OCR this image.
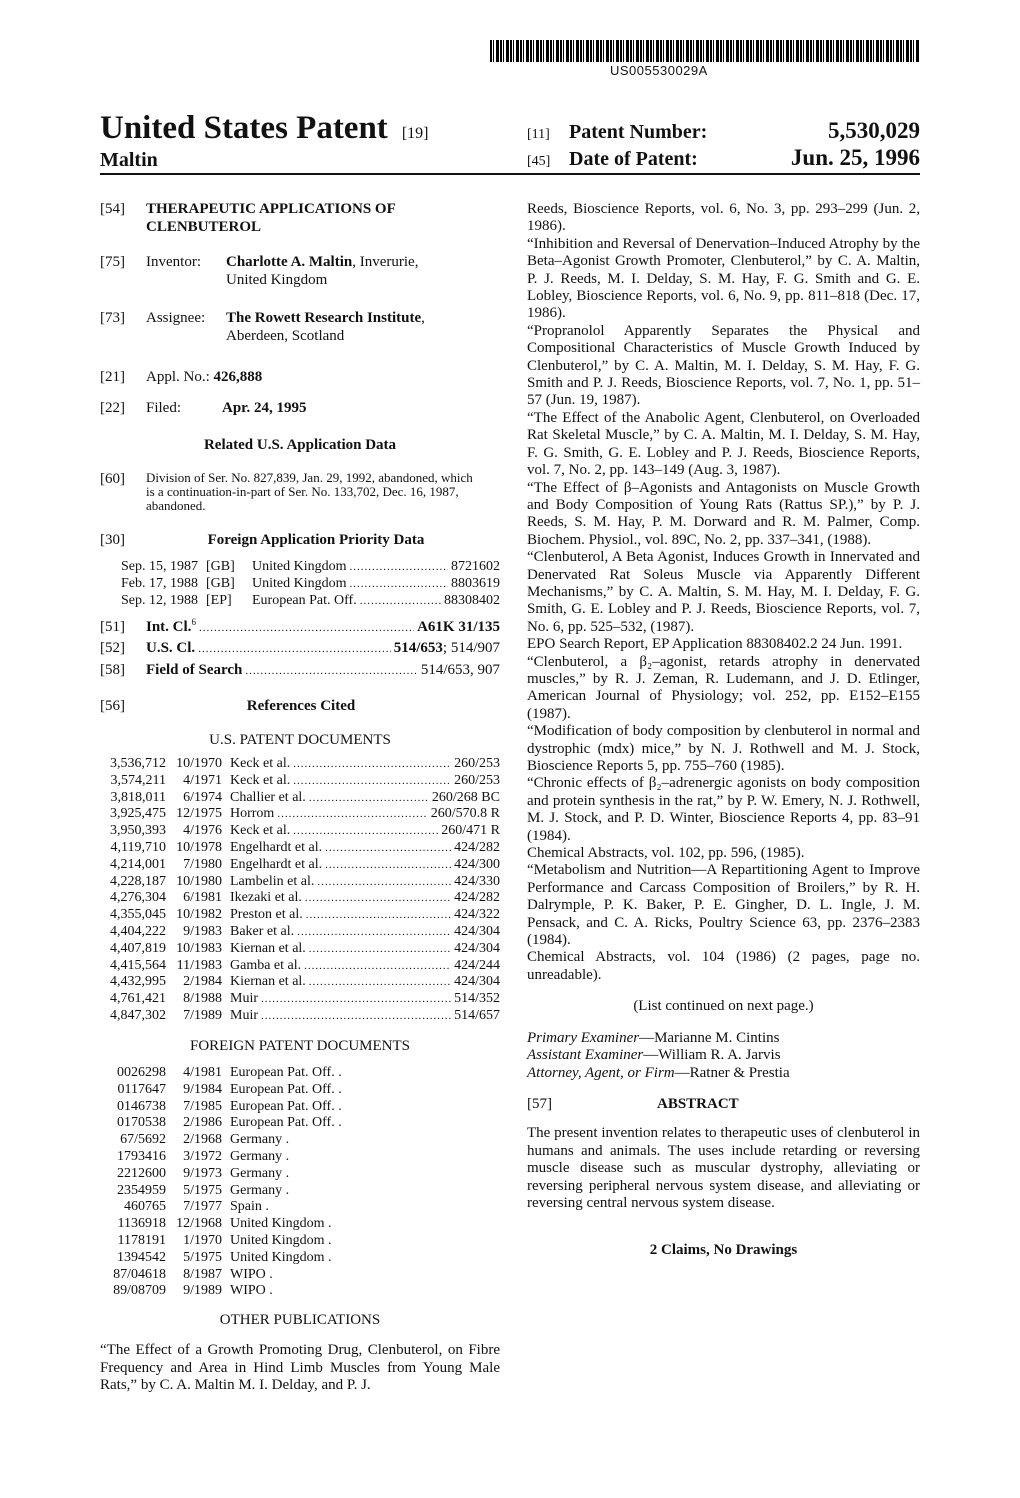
US005530029A
United States Patent [19]
Maltin
[11] Patent Number:	5,530,029
[45] Date of Patent:	Jun. 25, 1996
[54]	THERAPEUTIC APPLICATIONS OF CLENBUTEROL
[75]	Inventor:	Charlotte A. Maltin, Inverurie, United Kingdom
[73]	Assignee:	The Rowett Research Institute, Aberdeen, Scotland
[21]	Appl. No.:
426,888
[22]	Filed:	Apr. 24, 1995
Related U.S. Application Data
[60]	Division of Ser. No. 827,839, Jan. 29, 1992, abandoned, which is a continuation-in-part of Ser. No. 133,702, Dec. 16, 1987, abandoned.
[30]	Foreign Application Priority Data
Sep. 15, 1987 [GB]	United Kingdom .....	8721602
Feb. 17, 1988 [GB]	United Kingdom .....	8803619
Sep. 12, 1988 [EP]	European Pat. Off. .....	88308402
[51]	Int. Cl.$^6$ .....	A61K 31/135
[52]	U.S. Cl. .....	514/653 ; 514/907
[58]	Field of Search .....	514/653, 907
[56]	References Cited
U.S. PATENT DOCUMENTS
3,536,712 10/1970 Keck et al. .....	260/253
3,574,211	4/1971 Keck et al. .....	260/253
3,818,011	6/1974 Challier et al. .....	260/268 BC
3,925,475 12/1975 Horrom .....	260/570.8 R
3,950,393	4/1976 Keck et al. .....	260/471 R
4,119,710 10/1978 Engelhardt et al. .....	424/282
4,214,001	7/1980 Engelhardt et al. .....	424/300
4,228,187 10/1980 Lambelin et al. .....	424/330
4,276,304	6/1981 Ikezaki et al. .....	424/282
4,355,045 10/1982 Preston et al. .....	424/322
4,404,222	9/1983 Baker et al. .....	424/304
4,407,819 10/1983 Kiernan et al. .....	424/304
4,415,564 11/1983 Gamba et al. .....	424/244
4,432,995	2/1984 Kiernan et al. .....	424/304
4,761,421	8/1988 Muir .....	514/352
4,847,302	7/1989 Muir .....	514/657
FOREIGN PATENT DOCUMENTS
0026298	4/1981 European Pat. Off. .
0117647	9/1984 European Pat. Off. .
0146738	7/1985 European Pat. Off. .
0170538	2/1986 European Pat. Off. .
67/5692	2/1968 Germany .
1793416	3/1972 Germany .
2212600	9/1973 Germany .
2354959	5/1975 Germany .
460765	7/1977 Spain .
1136918 12/1968 United Kingdom .
1178191	1/1970 United Kingdom .
1394542	5/1975 United Kingdom .
87/04618	8/1987 WIPO .
89/08709	9/1989 WIPO .
OTHER PUBLICATIONS
“The Effect of a Growth Promoting Drug, Clenbuterol, on Fibre Frequency and Area in Hind Limb Muscles from Young Male Rats,” by C. A. Maltin M. I. Delday, and P. J.

Reeds, Bioscience Reports, vol. 6, No. 3, pp. 293–299 (Jun. 2, 1986).

“Inhibition and Reversal of Denervation–Induced Atrophy by the Beta–Agonist Growth Promoter, Clenbuterol,” by C. A. Maltin, P. J. Reeds, M. I. Delday, S. M. Hay, F. G. Smith and G. E. Lobley, Bioscience Reports, vol. 6, No. 9, pp. 811–818 (Dec. 17, 1986).

“Propranolol Apparently Separates the Physical and Compositional Characteristics of Muscle Growth Induced by Clenbuterol,” by C. A. Maltin, M. I. Delday, S. M. Hay, F. G. Smith and P. J. Reeds, Bioscience Reports, vol. 7, No. 1, pp. 51–57 (Jun. 19, 1987).

“The Effect of the Anabolic Agent, Clenbuterol, on Overloaded Rat Skeletal Muscle,” by C. A. Maltin, M. I. Delday, S. M. Hay, F. G. Smith, G. E. Lobley and P. J. Reeds, Bioscience Reports, vol. 7, No. 2, pp. 143–149 (Aug. 3, 1987).

“The Effect of β–Agonists and Antagonists on Muscle Growth and Body Composition of Young Rats (Rattus SP.),” by P. J. Reeds, S. M. Hay, P. M. Dorward and R. M. Palmer, Comp. Biochem. Physiol., vol. 89C, No. 2, pp. 337–341, (1988).

“Clenbuterol, A Beta Agonist, Induces Growth in Innervated and Denervated Rat Soleus Muscle via Apparently Different Mechanisms,” by C. A. Maltin, S. M. Hay, M. I. Delday, F. G. Smith, G. E. Lobley and P. J. Reeds, Bioscience Reports, vol. 7, No. 6, pp. 525–532, (1987).

EPO Search Report, EP Application 88308402.2 24 Jun. 1991.

“Clenbuterol, a β₂–agonist, retards atrophy in denervated muscles,” by R. J. Zeman, R. Ludemann, and J. D. Etlinger, American Journal of Physiology; vol. 252, pp. E152–E155 (1987).

“Modification of body composition by clenbuterol in normal and dystrophic (mdx) mice,” by N. J. Rothwell and M. J. Stock, Bioscience Reports 5, pp. 755–760 (1985).

“Chronic effects of β₂–adrenergic agonists on body composition and protein synthesis in the rat,” by P. W. Emery, N. J. Rothwell, M. J. Stock, and P. D. Winter, Bioscience Reports 4, pp. 83–91 (1984).

Chemical Abstracts, vol. 102, pp. 596, (1985).

“Metabolism and Nutrition—A Repartitioning Agent to Improve Performance and Carcass Composition of Broilers,” by R. H. Dalrymple, P. K. Baker, P. E. Gingher, D. L. Ingle, J. M. Pensack, and C. A. Ricks, Poultry Science 63, pp. 2376–2383 (1984).

Chemical Abstracts, vol. 104 (1986) (2 pages, page no. unreadable).

(List continued on next page.)

Primary Examiner—Marianne M. Cintins

Assistant Examiner—William R. A. Jarvis

Attorney, Agent, or Firm—Ratner & Prestia

[57]	ABSTRACT

The present invention relates to therapeutic uses of clenbuterol in humans and animals. The uses include retarding or reversing muscle disease such as muscular dystrophy, alleviating or reversing peripheral nervous system disease, and alleviating or reversing central nervous system disease.

2 Claims, No Drawings
